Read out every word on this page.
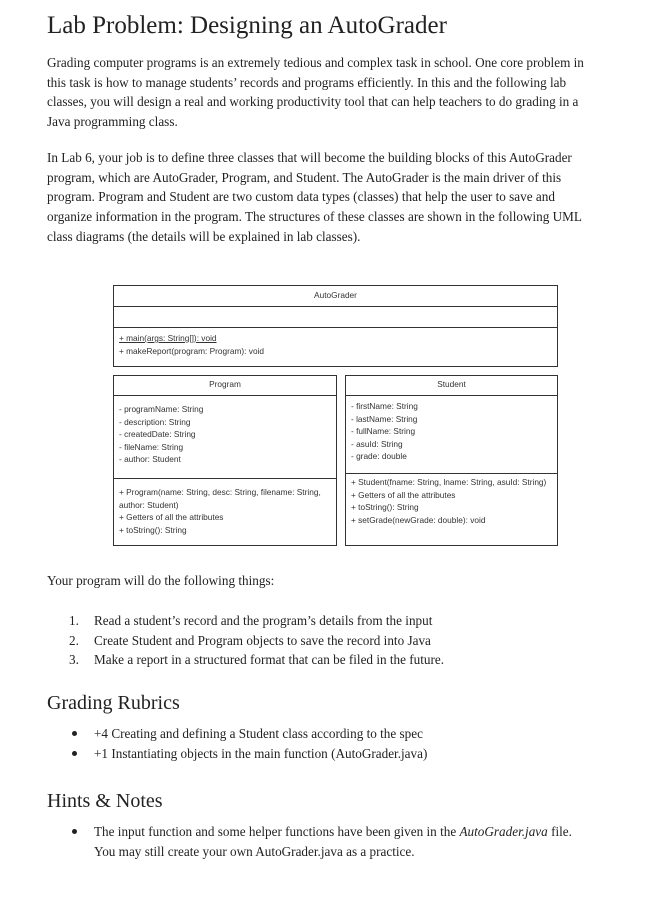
Lab Problem: Designing an AutoGrader
Grading computer programs is an extremely tedious and complex task in school. One core problem in
this task is how to manage students’ records and programs efficiently. In this and the following lab
classes, you will design a real and working productivity tool that can help teachers to do grading in a
Java programming class.
In Lab 6, your job is to define three classes that will become the building blocks of this AutoGrader
program, which are AutoGrader, Program, and Student. The AutoGrader is the main driver of this
program. Program and Student are two custom data types (classes) that help the user to save and
organize information in the program. The structures of these classes are shown in the following UML
class diagrams (the details will be explained in lab classes).
AutoGrader
+ main(args: String[]): void
+ makeReport(program: Program): void
Program
- programName: String
- description: String
- createdDate: String
- fileName: String
- author: Student
+ Program(name: String, desc: String, filename: String, author: Student)
+ Getters of all the attributes
+ toString(): String
Student
- firstName: String
- lastName: String
- fullName: String
- asuId: String
- grade: double
+ Student(fname: String, lname: String, asuId: String)
+ Getters of all the attributes
+ toString(): String
+ setGrade(newGrade: double): void

Your program will do the following things:

1. Read a student’s record and the program’s details from the input
2. Create Student and Program objects to save the record into Java
3. Make a report in a structured format that can be filed in the future.
Grading Rubrics
+4 Creating and defining a Student class according to the spec
+1 Instantiating objects in the main function (AutoGrader.java)
Hints & Notes
The input function and some helper functions have been given in the AutoGrader.java file.
You may still create your own AutoGrader.java as a practice.
